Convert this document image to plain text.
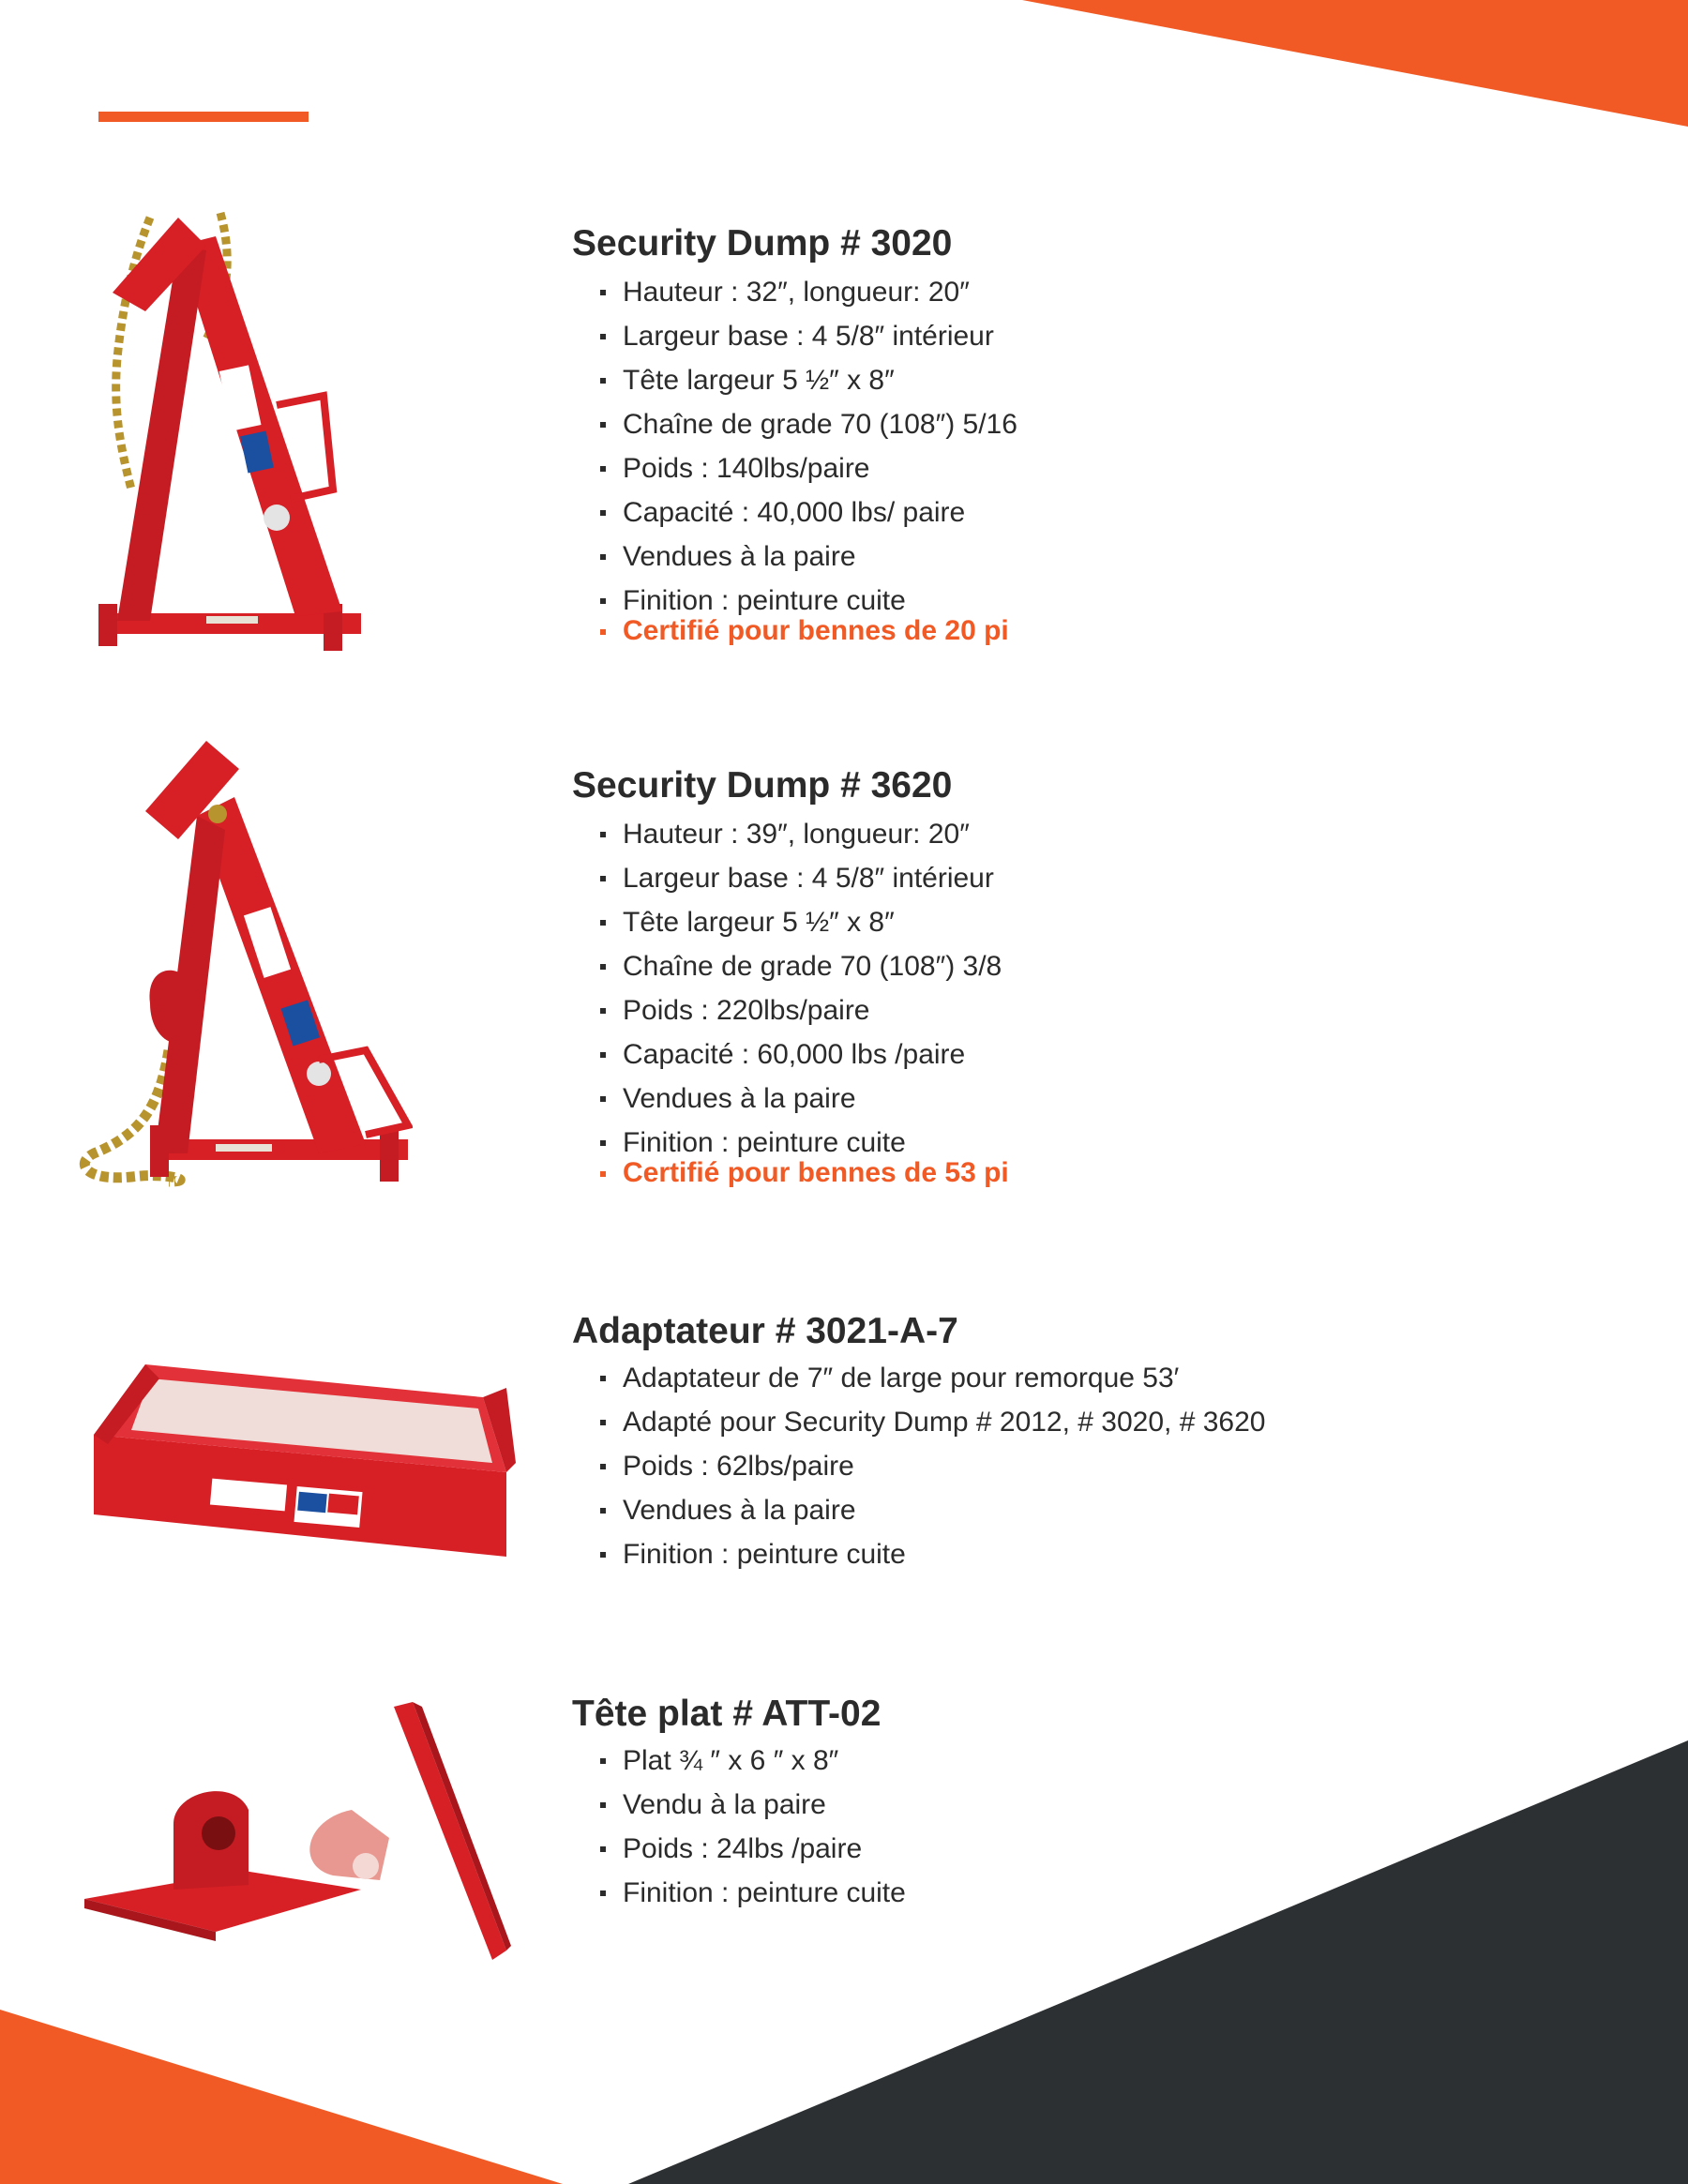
Security Dump # 3020
Hauteur : 32″, longueur: 20″
Largeur base : 4 5/8″ intérieur
Tête largeur 5 ½″ x 8″
Chaîne de grade 70 (108″) 5/16
Poids : 140lbs/paire
Capacité : 40,000 lbs/ paire
Vendues à la paire
Finition : peinture cuite
Certifié pour bennes de 20 pi
Security Dump # 3620
Hauteur : 39″, longueur: 20″
Largeur base : 4 5/8″ intérieur
Tête largeur 5 ½″ x 8″
Chaîne de grade 70 (108″) 3/8
Poids : 220lbs/paire
Capacité : 60,000 lbs /paire
Vendues à la paire
Finition : peinture cuite
Certifié pour bennes de 53 pi
Adaptateur # 3021-A-7
Adaptateur de 7″ de large pour remorque 53′
Adapté pour Security Dump # 2012, # 3020, # 3620
Poids : 62lbs/paire
Vendues à la paire
Finition : peinture cuite
Tête plat # ATT-02
Plat ¾ ″ x 6 ″ x 8″
Vendu à la paire
Poids : 24lbs /paire
Finition : peinture cuite
